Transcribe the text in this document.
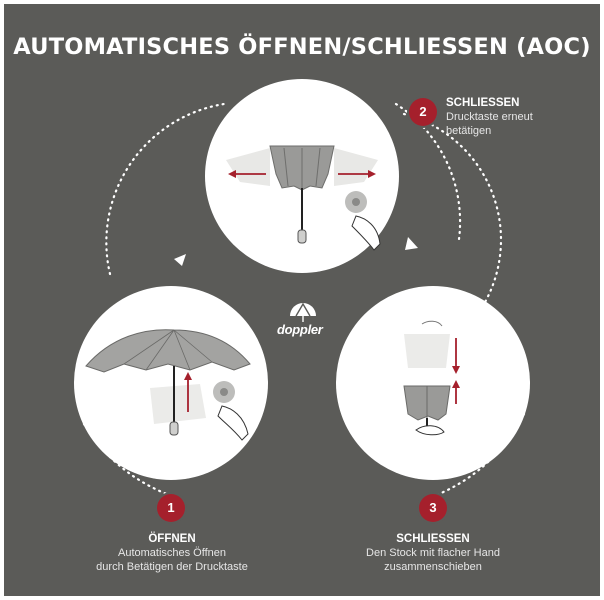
AUTOMATISCHES ÖFFNEN/SCHLIESSEN (AOC)
doppler
2
1	3
SCHLIESSEN
Drucktaste erneut
betätigen
ÖFFNEN
Automatisches Öffnen
durch Betätigen der Drucktaste
SCHLIESSEN
Den Stock mit flacher Hand
zusammenschieben
